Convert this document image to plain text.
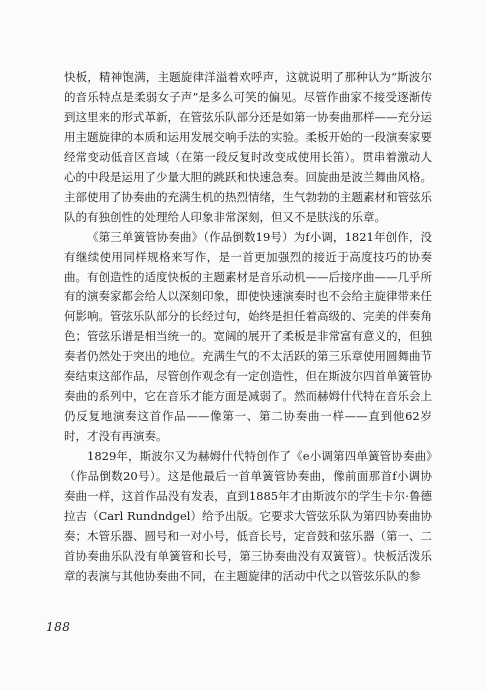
快板，精神饱满，主题旋律洋溢着欢呼声，这就说明了那种认为“斯波尔的音乐特点是柔弱女子声”是多么可笑的偏见。尽管作曲家不接受逐渐传到这里来的形式革新，在管弦乐队部分还是如第一协奏曲那样——充分运用主题旋律的本质和运用发展交响手法的实验。柔板开始的一段演奏家要经常变动低音区音域（在第一段反复时改变成使用长笛）。贯串着激动人心的中段是运用了少量大胆的跳跃和快速急奏。回旋曲是波兰舞曲风格。主部使用了协奏曲的充满生机的热烈情绪，生气勃勃的主题素材和管弦乐队的有独创性的处理给人印象非常深刻，但又不是肤浅的乐章。

《第三单簧管协奏曲》（作品倒数19号）为f小调，1821年创作，没有继续使用同样规格来写作，是一首更加强烈的接近于高度技巧的协奏曲。有创造性的适度快板的主题素材是音乐动机——后接序曲——几乎所有的演奏家都会给人以深刻印象，即使快速演奏时也不会给主旋律带来任何影响。管弦乐队部分的长经过句，始终是担任着高级的、完美的伴奏角色；管弦乐谱是相当统一的。宽阔的展开了柔板是非常富有意义的，但独奏者仍然处于突出的地位。充满生气的不太活跃的第三乐章使用圆舞曲节奏结束这部作品，尽管创作观念有一定创造性，但在斯波尔四首单簧管协奏曲的系列中，它在音乐才能方面是减弱了。然而赫姆什代特在音乐会上仍反复地演奏这首作品——像第一、第二协奏曲一样——直到他62岁时，才没有再演奏。

1829年，斯波尔又为赫姆什代特创作了《e小调第四单簧管协奏曲》（作品倒数20号）。这是他最后一首单簧管协奏曲，像前面那首f小调协奏曲一样，这首作品没有发表，直到1885年才由斯波尔的学生卡尔·鲁德拉吉（Carl Rundndgel）给予出版。它要求大管弦乐队为第四协奏曲协奏；木管乐器、圆号和一对小号，低音长号，定音鼓和弦乐器（第一、二首协奏曲乐队没有单簧管和长号，第三协奏曲没有双簧管）。快板活泼乐章的表演与其他协奏曲不同，在主题旋律的活动中代之以管弦乐队的参

188
